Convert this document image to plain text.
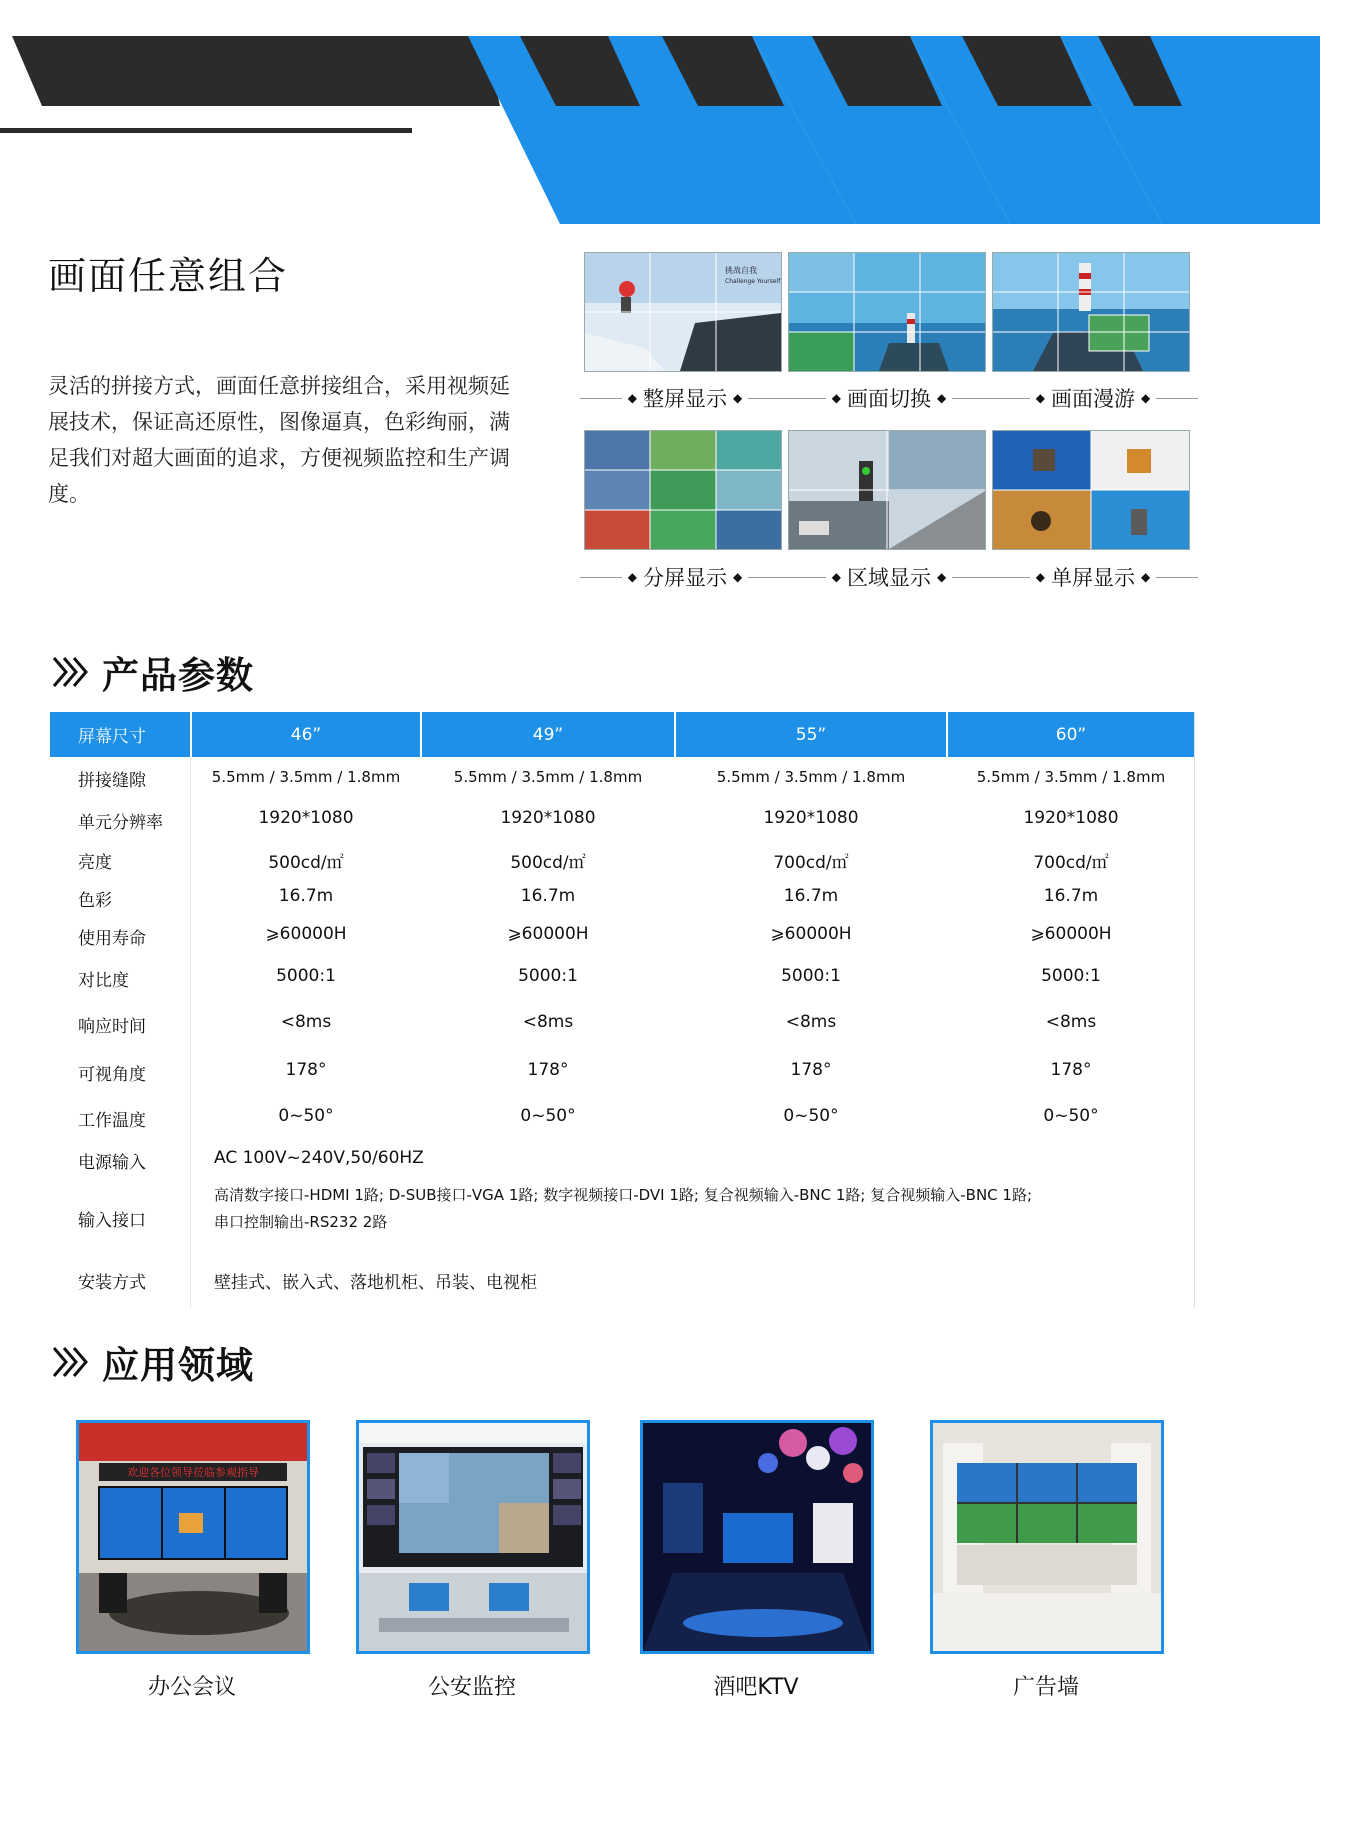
画面任意组合
灵活的拼接方式，画面任意拼接组合，采用视频延展技术，保证高还原性，图像逼真，色彩绚丽，满足我们对超大画面的追求，方便视频监控和生产调度。
挑战自我
Challenge Yourself
◆ 整屏显示 ◆	◆ 画面切换 ◆	◆ 画面漫游 ◆
◆ 分屏显示 ◆	◆ 区域显示 ◆	◆ 单屏显示 ◆
产品参数
屏幕尺寸	46”	49”	55”	60”
拼接缝隙	5.5mm / 3.5mm / 1.8mm	5.5mm / 3.5mm / 1.8mm	5.5mm / 3.5mm / 1.8mm	5.5mm / 3.5mm / 1.8mm
单元分辨率	1920*1080	1920*1080	1920*1080	1920*1080
亮度	500cd/㎡	500cd/㎡	700cd/㎡	700cd/㎡
色彩	16.7m	16.7m	16.7m	16.7m
使用寿命	⩾60000H	⩾60000H	⩾60000H	⩾60000H
对比度	5000:1	5000:1	5000:1	5000:1
响应时间	<8ms	<8ms	<8ms	<8ms
可视角度	178°	178°	178°	178°
工作温度	0~50°	0~50°	0~50°	0~50°
电源输入	AC 100V~240V,50/60HZ
输入接口
高清数字接口-HDMI 1路; D-SUB接口-VGA 1路; 数字视频接口-DVI 1路; 复合视频输入-BNC 1路; 复合视频输入-BNC 1路;
串口控制输出-RS232 2路
安装方式	壁挂式、嵌入式、落地机柜、吊装、电视柜
应用领域
欢迎各位领导莅临参观指导
办公会议	公安监控	酒吧KTV	广告墙
